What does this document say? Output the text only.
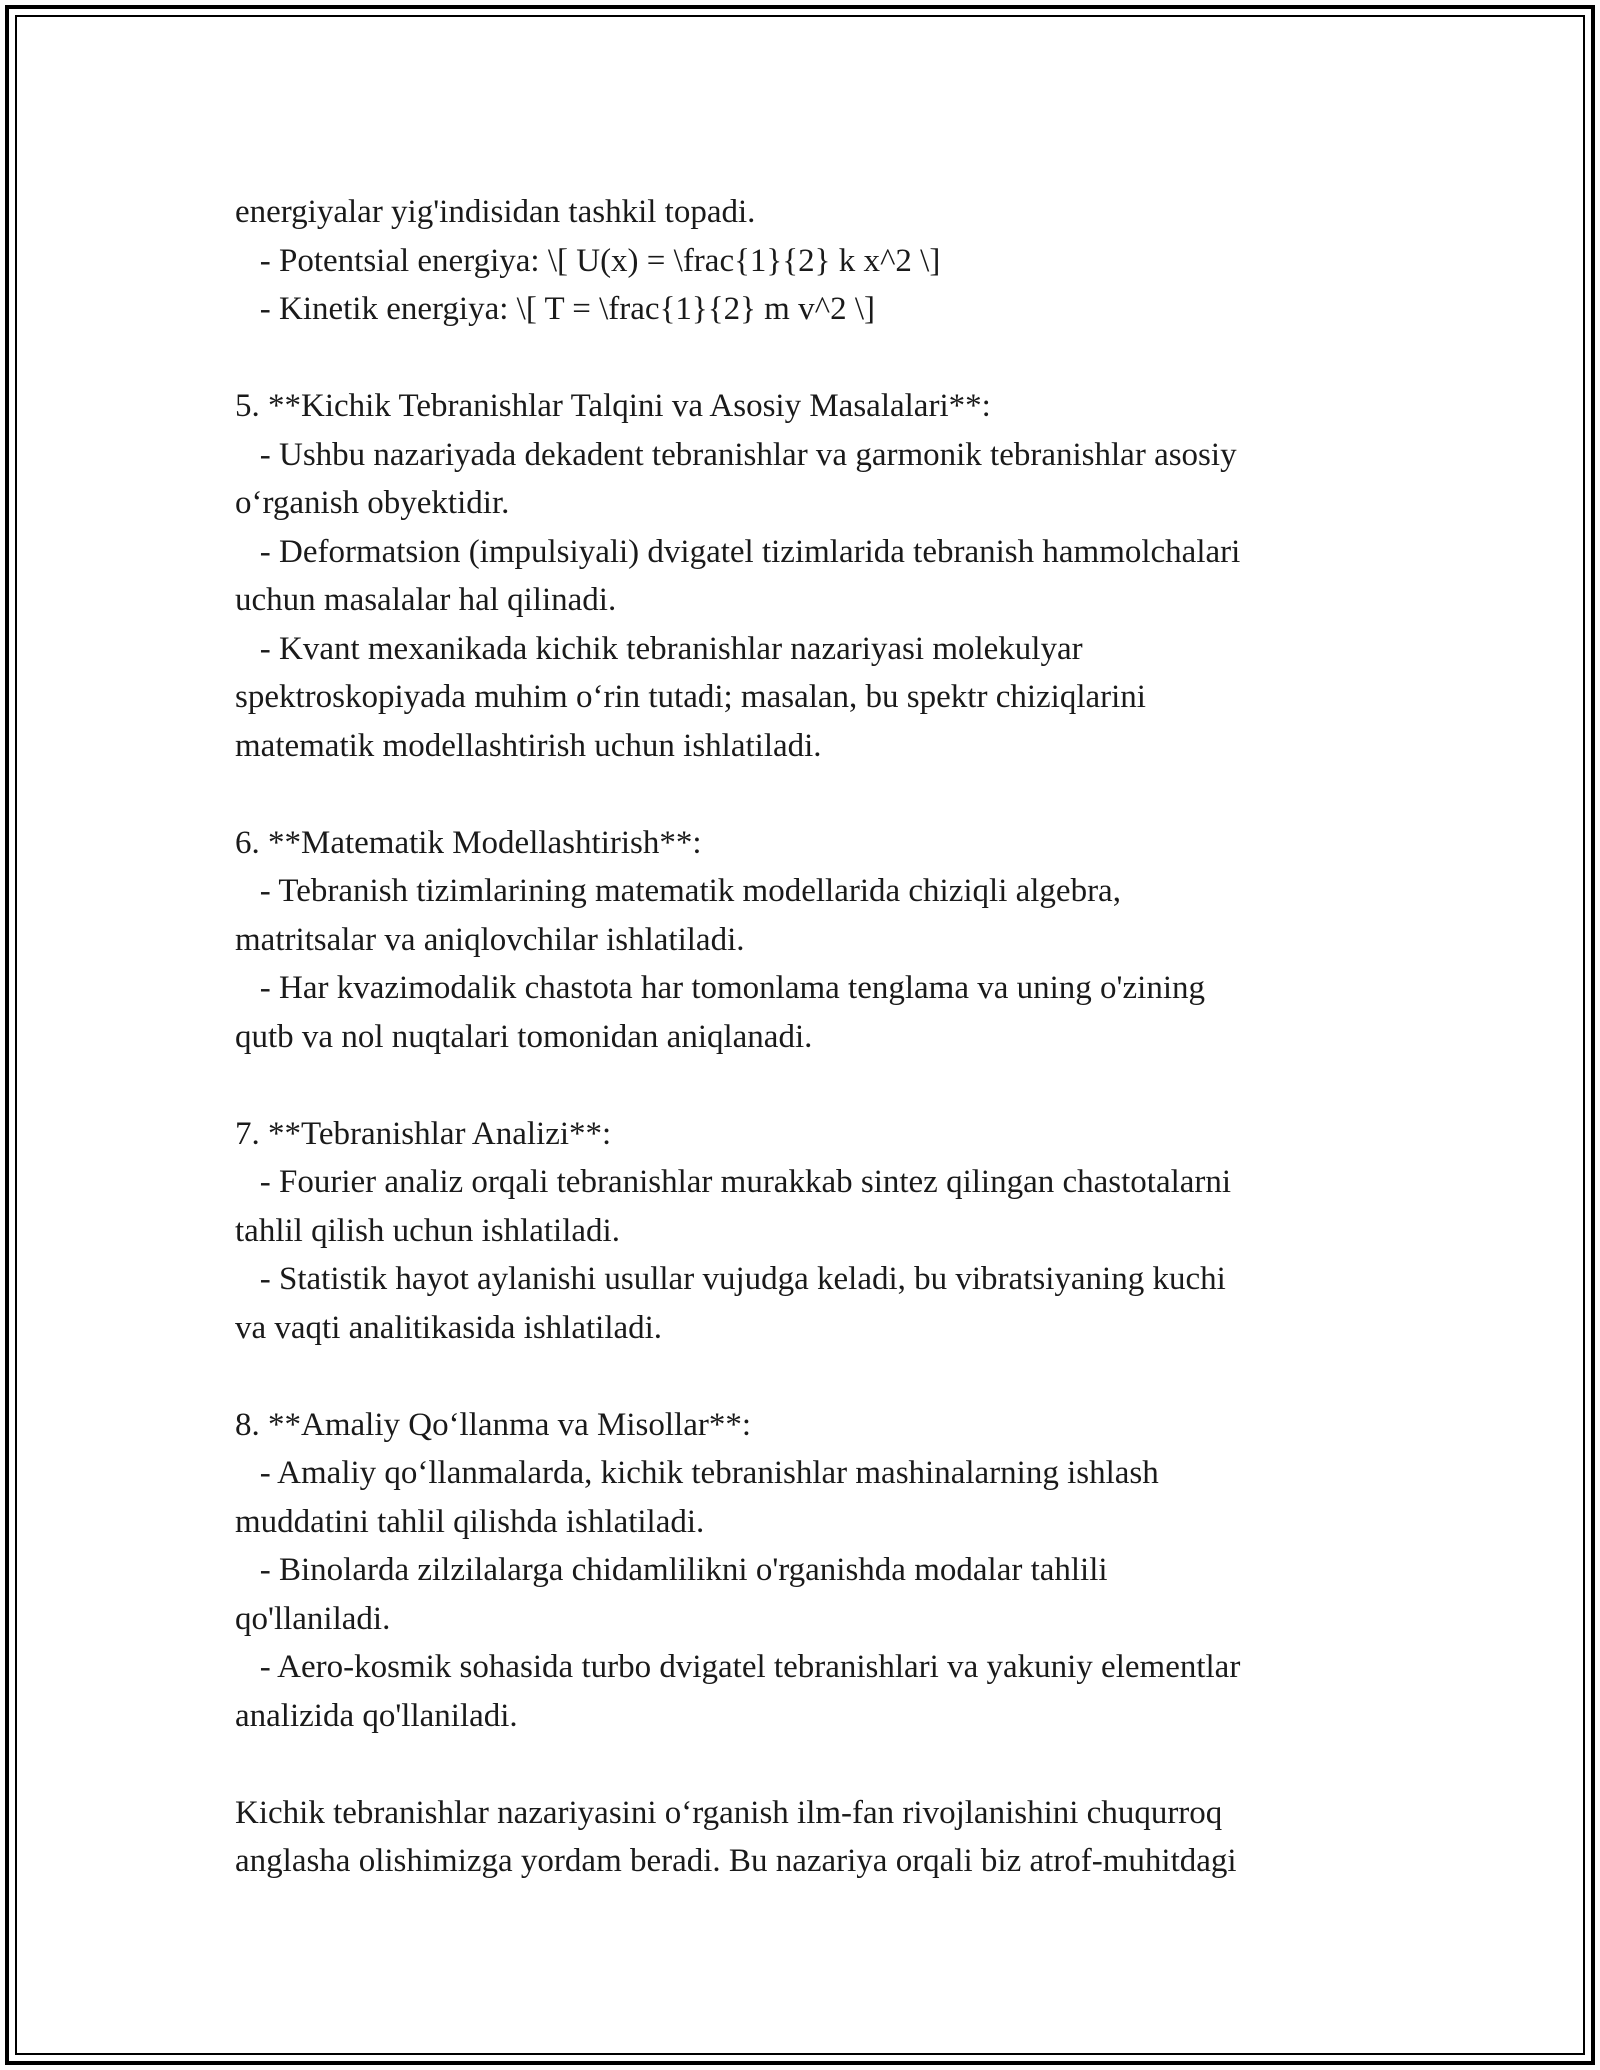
energiyalar yig'indisidan tashkil topadi.
- Potentsial energiya: \[ U(x) = \frac{1}{2} k x^2 \]
- Kinetik energiya: \[ T = \frac{1}{2} m v^2 \]
5. **Kichik Tebranishlar Talqini va Asosiy Masalalari**:
- Ushbu nazariyada dekadent tebranishlar va garmonik tebranishlar asosiy
o‘rganish obyektidir.
- Deformatsion (impulsiyali) dvigatel tizimlarida tebranish hammolchalari
uchun masalalar hal qilinadi.
- Kvant mexanikada kichik tebranishlar nazariyasi molekulyar
spektroskopiyada muhim o‘rin tutadi; masalan, bu spektr chiziqlarini
matematik modellashtirish uchun ishlatiladi.
6. **Matematik Modellashtirish**:
- Tebranish tizimlarining matematik modellarida chiziqli algebra,
matritsalar va aniqlovchilar ishlatiladi.
- Har kvazimodalik chastota har tomonlama tenglama va uning o'zining
qutb va nol nuqtalari tomonidan aniqlanadi.
7. **Tebranishlar Analizi**:
- Fourier analiz orqali tebranishlar murakkab sintez qilingan chastotalarni
tahlil qilish uchun ishlatiladi.
- Statistik hayot aylanishi usullar vujudga keladi, bu vibratsiyaning kuchi
va vaqti analitikasida ishlatiladi.
8. **Amaliy Qo‘llanma va Misollar**:
- Amaliy qo‘llanmalarda, kichik tebranishlar mashinalarning ishlash
muddatini tahlil qilishda ishlatiladi.
- Binolarda zilzilalarga chidamlilikni o'rganishda modalar tahlili
qo'llaniladi.
- Aero-kosmik sohasida turbo dvigatel tebranishlari va yakuniy elementlar
analizida qo'llaniladi.
Kichik tebranishlar nazariyasini o‘rganish ilm-fan rivojlanishini chuqurroq
anglasha olishimizga yordam beradi. Bu nazariya orqali biz atrof-muhitdagi
